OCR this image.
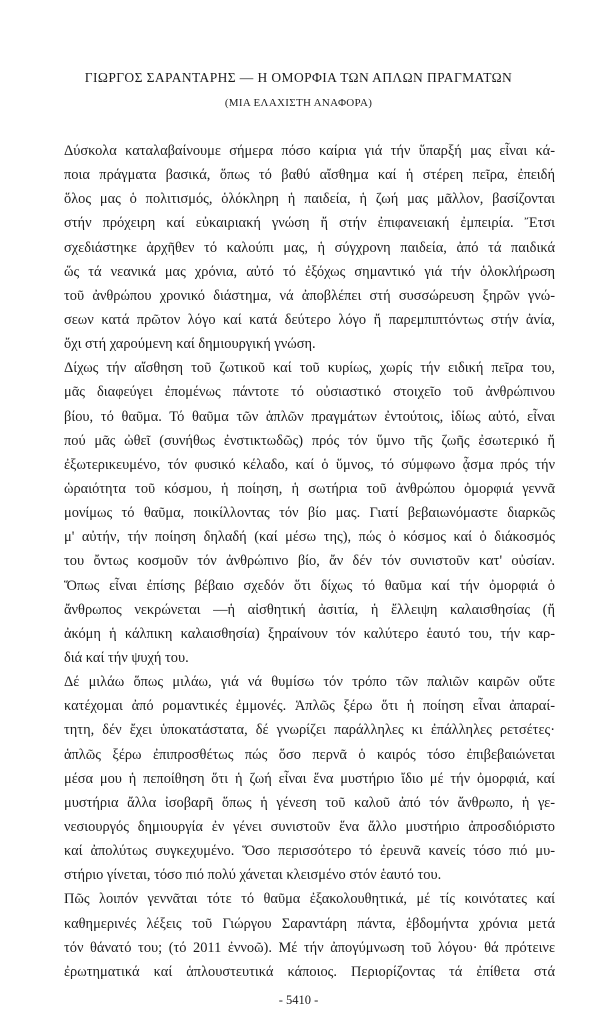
ΓΙΩΡΓΟΣ ΣΑΡΑΝΤΑΡΗΣ — Η ΟΜΟΡΦΙΑ ΤΩΝ ΑΠΛΩΝ ΠΡΑΓΜΑΤΩΝ
(ΜΙΑ ΕΛΑΧΙΣΤΗ ΑΝΑΦΟΡΑ)
Δύσκολα καταλαβαίνουμε σήμερα πόσο καίρια γιά τήν ὕπαρξή μας εἶναι κά-
ποια πράγματα βασικά, ὅπως τό βαθύ αἴσθημα καί ἡ στέρεη πεῖρα, ἐπειδή
ὅλος μας ὁ πολιτισμός, ὁλόκληρη ἡ παιδεία, ἡ ζωή μας μᾶλλον, βασίζονται
στήν πρόχειρη καί εὐκαιριακή γνώση ἤ στήν ἐπιφανειακή ἐμπειρία. Ἔτσι
σχεδιάστηκε ἀρχῆθεν τό καλούπι μας, ἡ σύγχρονη παιδεία, ἀπό τά παιδικά
ὥς τά νεανικά μας χρόνια, αὐτό τό ἐξόχως σημαντικό γιά τήν ὁλοκλήρωση
τοῦ ἀνθρώπου χρονικό διάστημα, νά ἀποβλέπει στή συσσώρευση ξηρῶν γνώ-
σεων κατά πρῶτον λόγο καί κατά δεύτερο λόγο ἤ παρεμπιπτόντως στήν ἀνία,
ὄχι στή χαρούμενη καί δημιουργική γνώση.
Δίχως τήν αἴσθηση τοῦ ζωτικοῦ καί τοῦ κυρίως, χωρίς τήν ειδική πεῖρα του,
μᾶς διαφεύγει ἐπομένως πάντοτε τό οὐσιαστικό στοιχεῖο τοῦ ἀνθρώπινου
βίου, τό θαῦμα. Τό θαῦμα τῶν ἁπλῶν πραγμάτων ἐντούτοις, ἰδίως αὐτό, εἶναι
πού μᾶς ὠθεῖ (συνήθως ἐνστικτωδῶς) πρός τόν ὕμνο τῆς ζωῆς ἐσωτερικό ἤ
ἐξωτερικευμένο, τόν φυσικό κέλαδο, καί ὁ ὕμνος, τό σύμφωνο ᾆσμα πρός τήν
ὡραιότητα τοῦ κόσμου, ἡ ποίηση, ἡ σωτήρια τοῦ ἀνθρώπου ὀμορφιά γεννᾶ
μονίμως τό θαῦμα, ποικίλλοντας τόν βίο μας. Γιατί βεβαιωνόμαστε διαρκῶς
μ' αὐτήν, τήν ποίηση δηλαδή (καί μέσω της), πώς ὁ κόσμος καί ὁ διάκοσμός
του ὄντως κοσμοῦν τόν ἀνθρώπινο βίο, ἄν δέν τόν συνιστοῦν κατ' οὐσίαν.
Ὅπως εἶναι ἐπίσης βέβαιο σχεδόν ὅτι δίχως τό θαῦμα καί τήν ὀμορφιά ὁ
ἄνθρωπος νεκρώνεται —ἡ αἰσθητική ἀσιτία, ἡ ἔλλειψη καλαισθησίας (ἤ
ἀκόμη ἡ κάλπικη καλαισθησία) ξηραίνουν τόν καλύτερο ἑαυτό του, τήν καρ-
διά καί τήν ψυχή του.
Δέ μιλάω ὅπως μιλάω, γιά νά θυμίσω τόν τρόπο τῶν παλιῶν καιρῶν οὔτε
κατέχομαι ἀπό ρομαντικές ἐμμονές. Ἁπλῶς ξέρω ὅτι ἡ ποίηση εἶναι ἀπαραί-
τητη, δέν ἔχει ὑποκατάστατα, δέ γνωρίζει παράλληλες κι ἐπάλληλες ρετσέτες·
ἁπλῶς ξέρω ἐπιπροσθέτως πώς ὅσο περνᾶ ὁ καιρός τόσο ἐπιβεβαιώνεται
μέσα μου ἡ πεποίθηση ὅτι ἡ ζωή εἶναι ἕνα μυστήριο ἴδιο μέ τήν ὀμορφιά, καί
μυστήρια ἄλλα ἰσοβαρῆ ὅπως ἡ γένεση τοῦ καλοῦ ἀπό τόν ἄνθρωπο, ἡ γε-
νεσιουργός δημιουργία ἐν γένει συνιστοῦν ἕνα ἄλλο μυστήριο ἀπροσδιόριστο
καί ἀπολύτως συγκεχυμένο. Ὅσο περισσότερο τό ἐρευνᾶ κανείς τόσο πιό μυ-
στήριο γίνεται, τόσο πιό πολύ χάνεται κλεισμένο στόν ἑαυτό του.
Πῶς λοιπόν γεννᾶται τότε τό θαῦμα ἐξακολουθητικά, μέ τίς κοινότατες καί
καθημερινές λέξεις τοῦ Γιώργου Σαραντάρη πάντα, ἑβδομήντα χρόνια μετά
τόν θάνατό του; (τό 2011 ἐννοῶ). Μέ τήν ἀπογύμνωση τοῦ λόγου· θά πρότεινε
ἐρωτηματικά καί ἁπλουστευτικά κάποιος. Περιορίζοντας τά ἐπίθετα στά
- 5410 -
